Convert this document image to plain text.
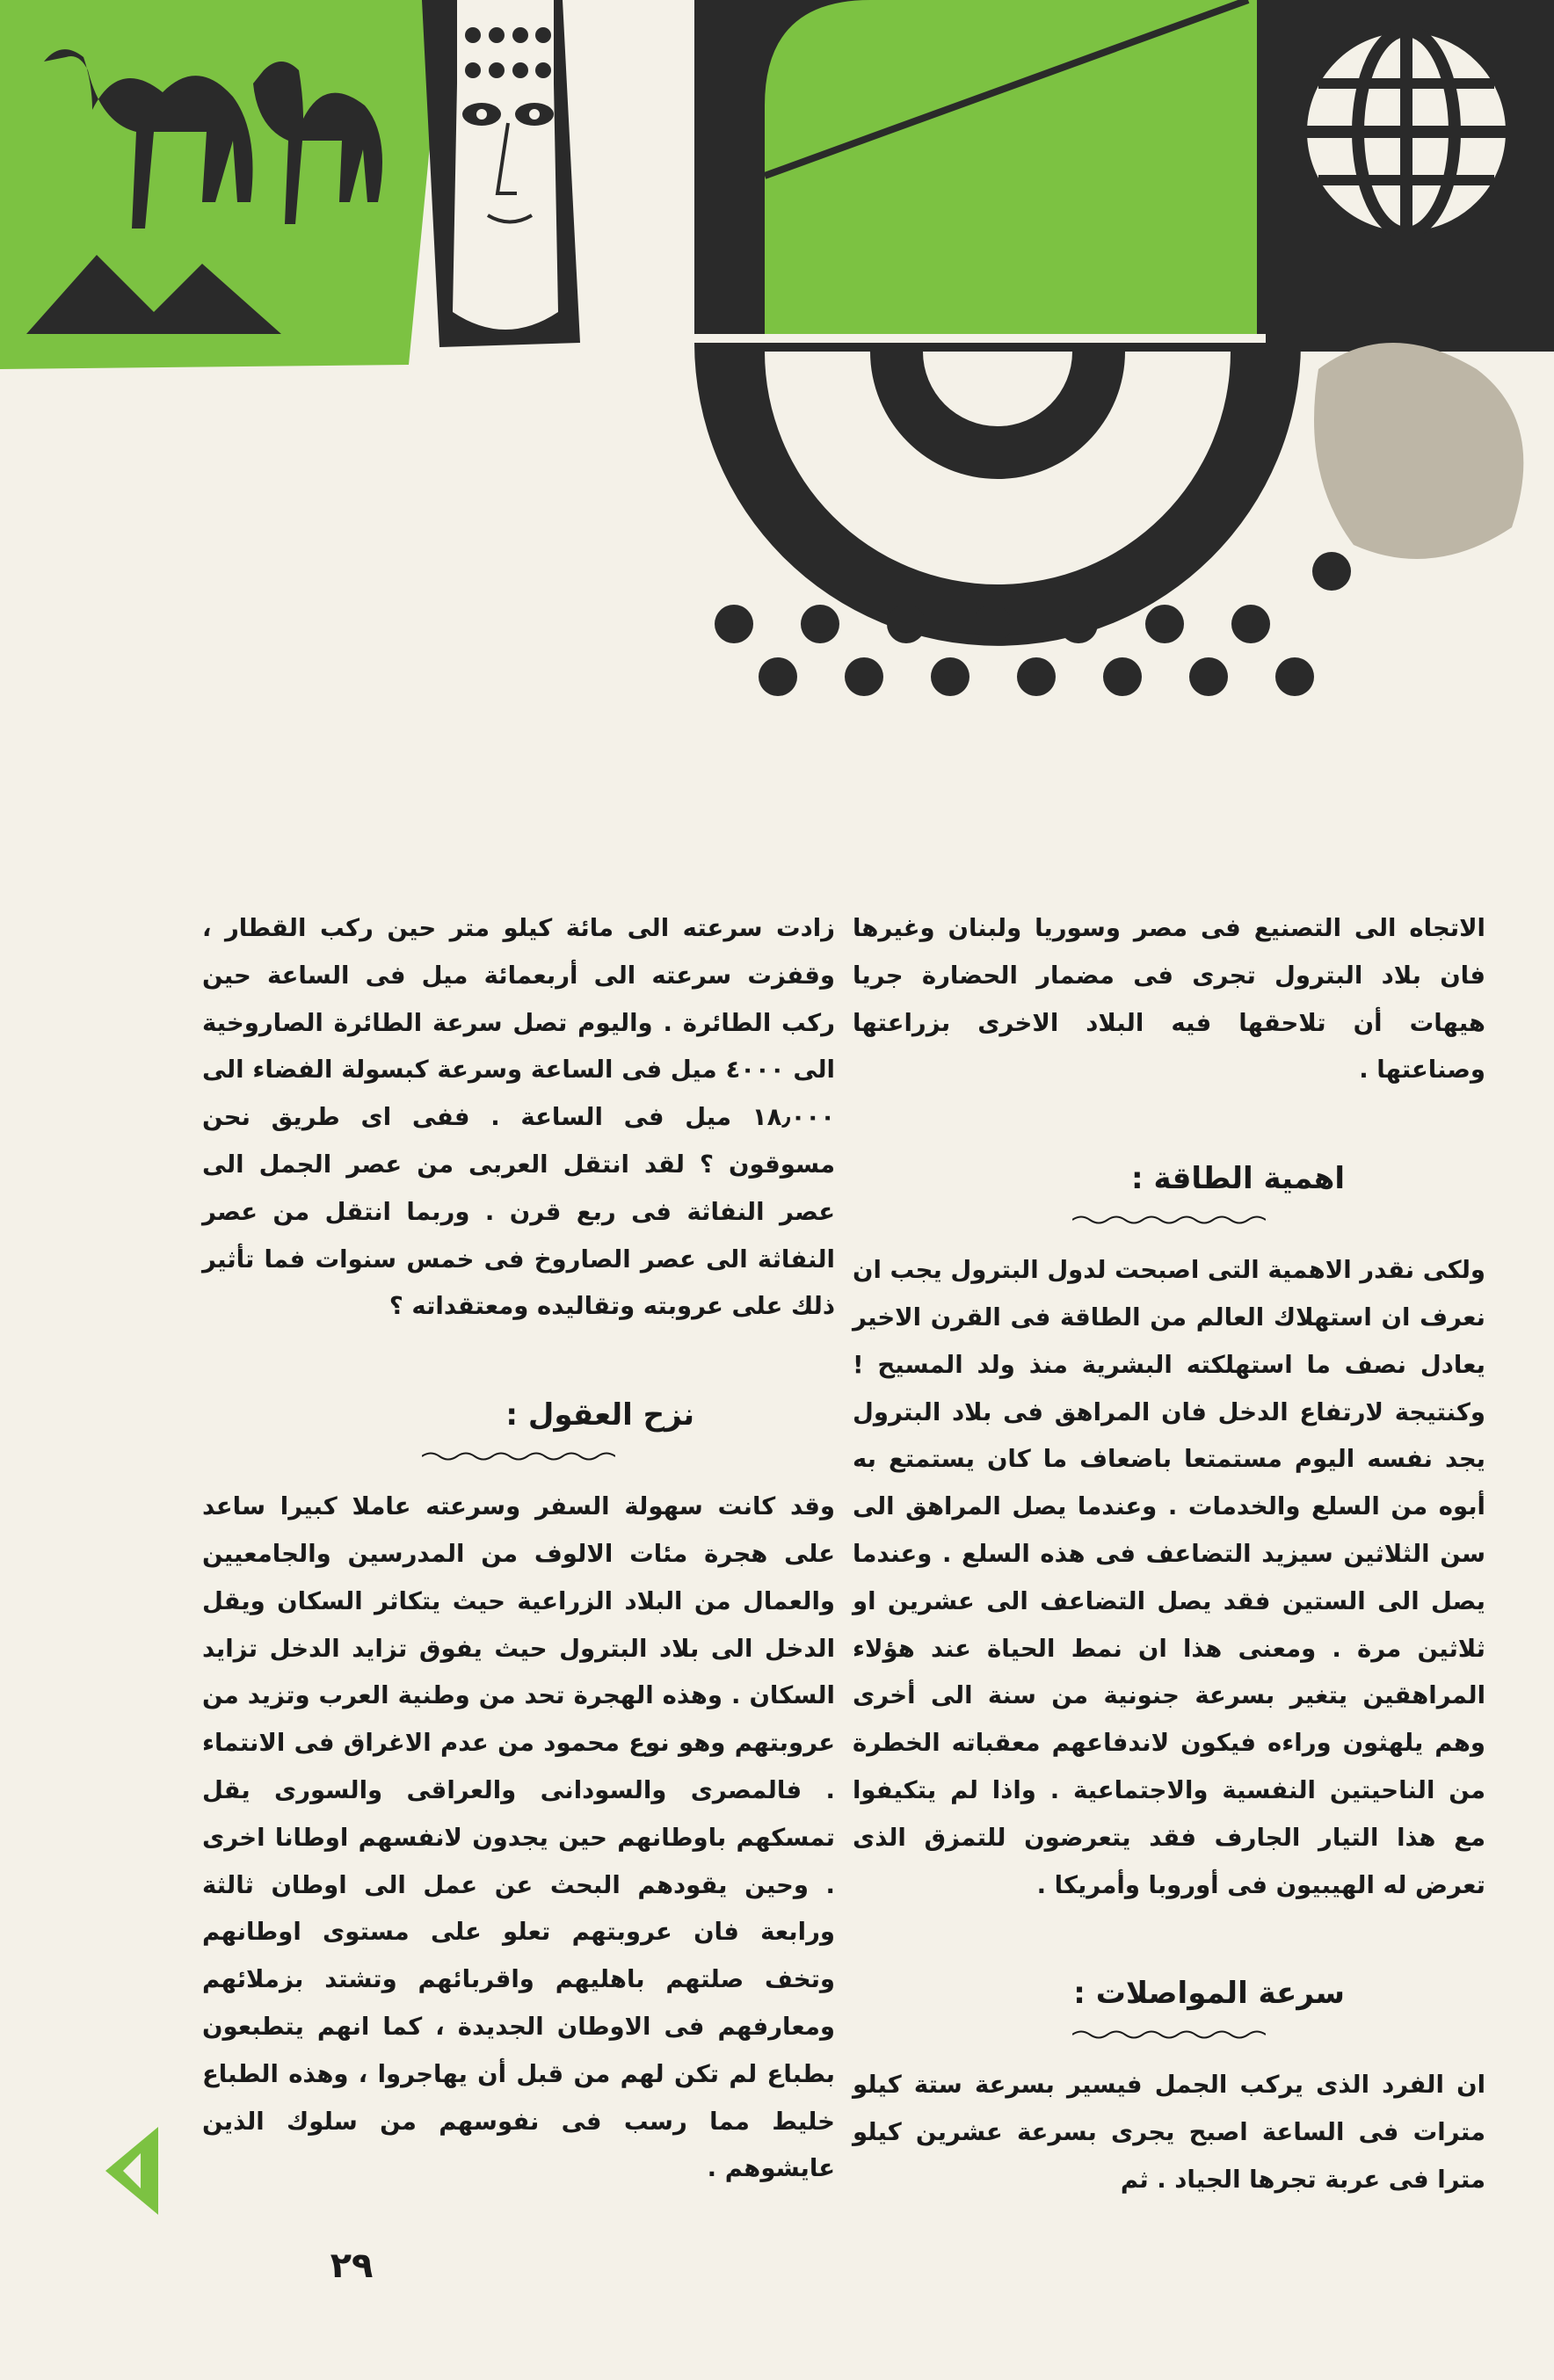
الاتجاه الى التصنيع فى مصر وسوريا ولبنان وغيرها فان بلاد البترول تجرى فى مضمار الحضارة جريا هيهات أن تلاحقها فيه البلاد الاخرى بزراعتها وصناعتها .

اهمية الطاقة :

ولكى نقدر الاهمية التى اصبحت لدول البترول يجب ان نعرف ان استهلاك العالم من الطاقة فى القرن الاخير يعادل نصف ما استهلكته البشرية منذ ولد المسيح ! وكنتيجة لارتفاع الدخل فان المراهق فى بلاد البترول يجد نفسه اليوم مستمتعا باضعاف ما كان يستمتع به أبوه من السلع والخدمات . وعندما يصل المراهق الى سن الثلاثين سيزيد التضاعف فى هذه السلع . وعندما يصل الى الستين فقد يصل التضاعف الى عشرين او ثلاثين مرة . ومعنى هذا ان نمط الحياة عند هؤلاء المراهقين يتغير بسرعة جنونية من سنة الى أخرى وهم يلهثون وراءه فيكون لاندفاعهم معقباته الخطرة من الناحيتين النفسية والاجتماعية . واذا لم يتكيفوا مع هذا التيار الجارف فقد يتعرضون للتمزق الذى تعرض له الهيبيون فى أوروبا وأمريكا .

سرعة المواصلات :

ان الفرد الذى يركب الجمل فيسير بسرعة ستة كيلو مترات فى الساعة اصبح يجرى بسرعة عشرين كيلو مترا فى عربة تجرها الجياد . ثم

زادت سرعته الى مائة كيلو متر حين ركب القطار ، وقفزت سرعته الى أربعمائة ميل فى الساعة حين ركب الطائرة . واليوم تصل سرعة الطائرة الصاروخية الى ٤٠٠٠ ميل فى الساعة وسرعة كبسولة الفضاء الى ١٨٫٠٠٠ ميل فى الساعة . ففى اى طريق نحن مسوقون ؟ لقد انتقل العربى من عصر الجمل الى عصر النفاثة فى ربع قرن . وربما انتقل من عصر النفاثة الى عصر الصاروخ فى خمس سنوات فما تأثير ذلك على عروبته وتقاليده ومعتقداته ؟

نزح العقول :

وقد كانت سهولة السفر وسرعته عاملا كبيرا ساعد على هجرة مئات الالوف من المدرسين والجامعيين والعمال من البلاد الزراعية حيث يتكاثر السكان ويقل الدخل الى بلاد البترول حيث يفوق تزايد الدخل تزايد السكان . وهذه الهجرة تحد من وطنية العرب وتزيد من عروبتهم وهو نوع محمود من عدم الاغراق فى الانتماء . فالمصرى والسودانى والعراقى والسورى يقل تمسكهم باوطانهم حين يجدون لانفسهم اوطانا اخرى . وحين يقودهم البحث عن عمل الى اوطان ثالثة ورابعة فان عروبتهم تعلو على مستوى اوطانهم وتخف صلتهم باهليهم واقربائهم وتشتد بزملائهم ومعارفهم فى الاوطان الجديدة ، كما انهم يتطبعون بطباع لم تكن لهم من قبل أن يهاجروا ، وهذه الطباع خليط مما رسب فى نفوسهم من سلوك الذين عايشوهم .

٢٩
